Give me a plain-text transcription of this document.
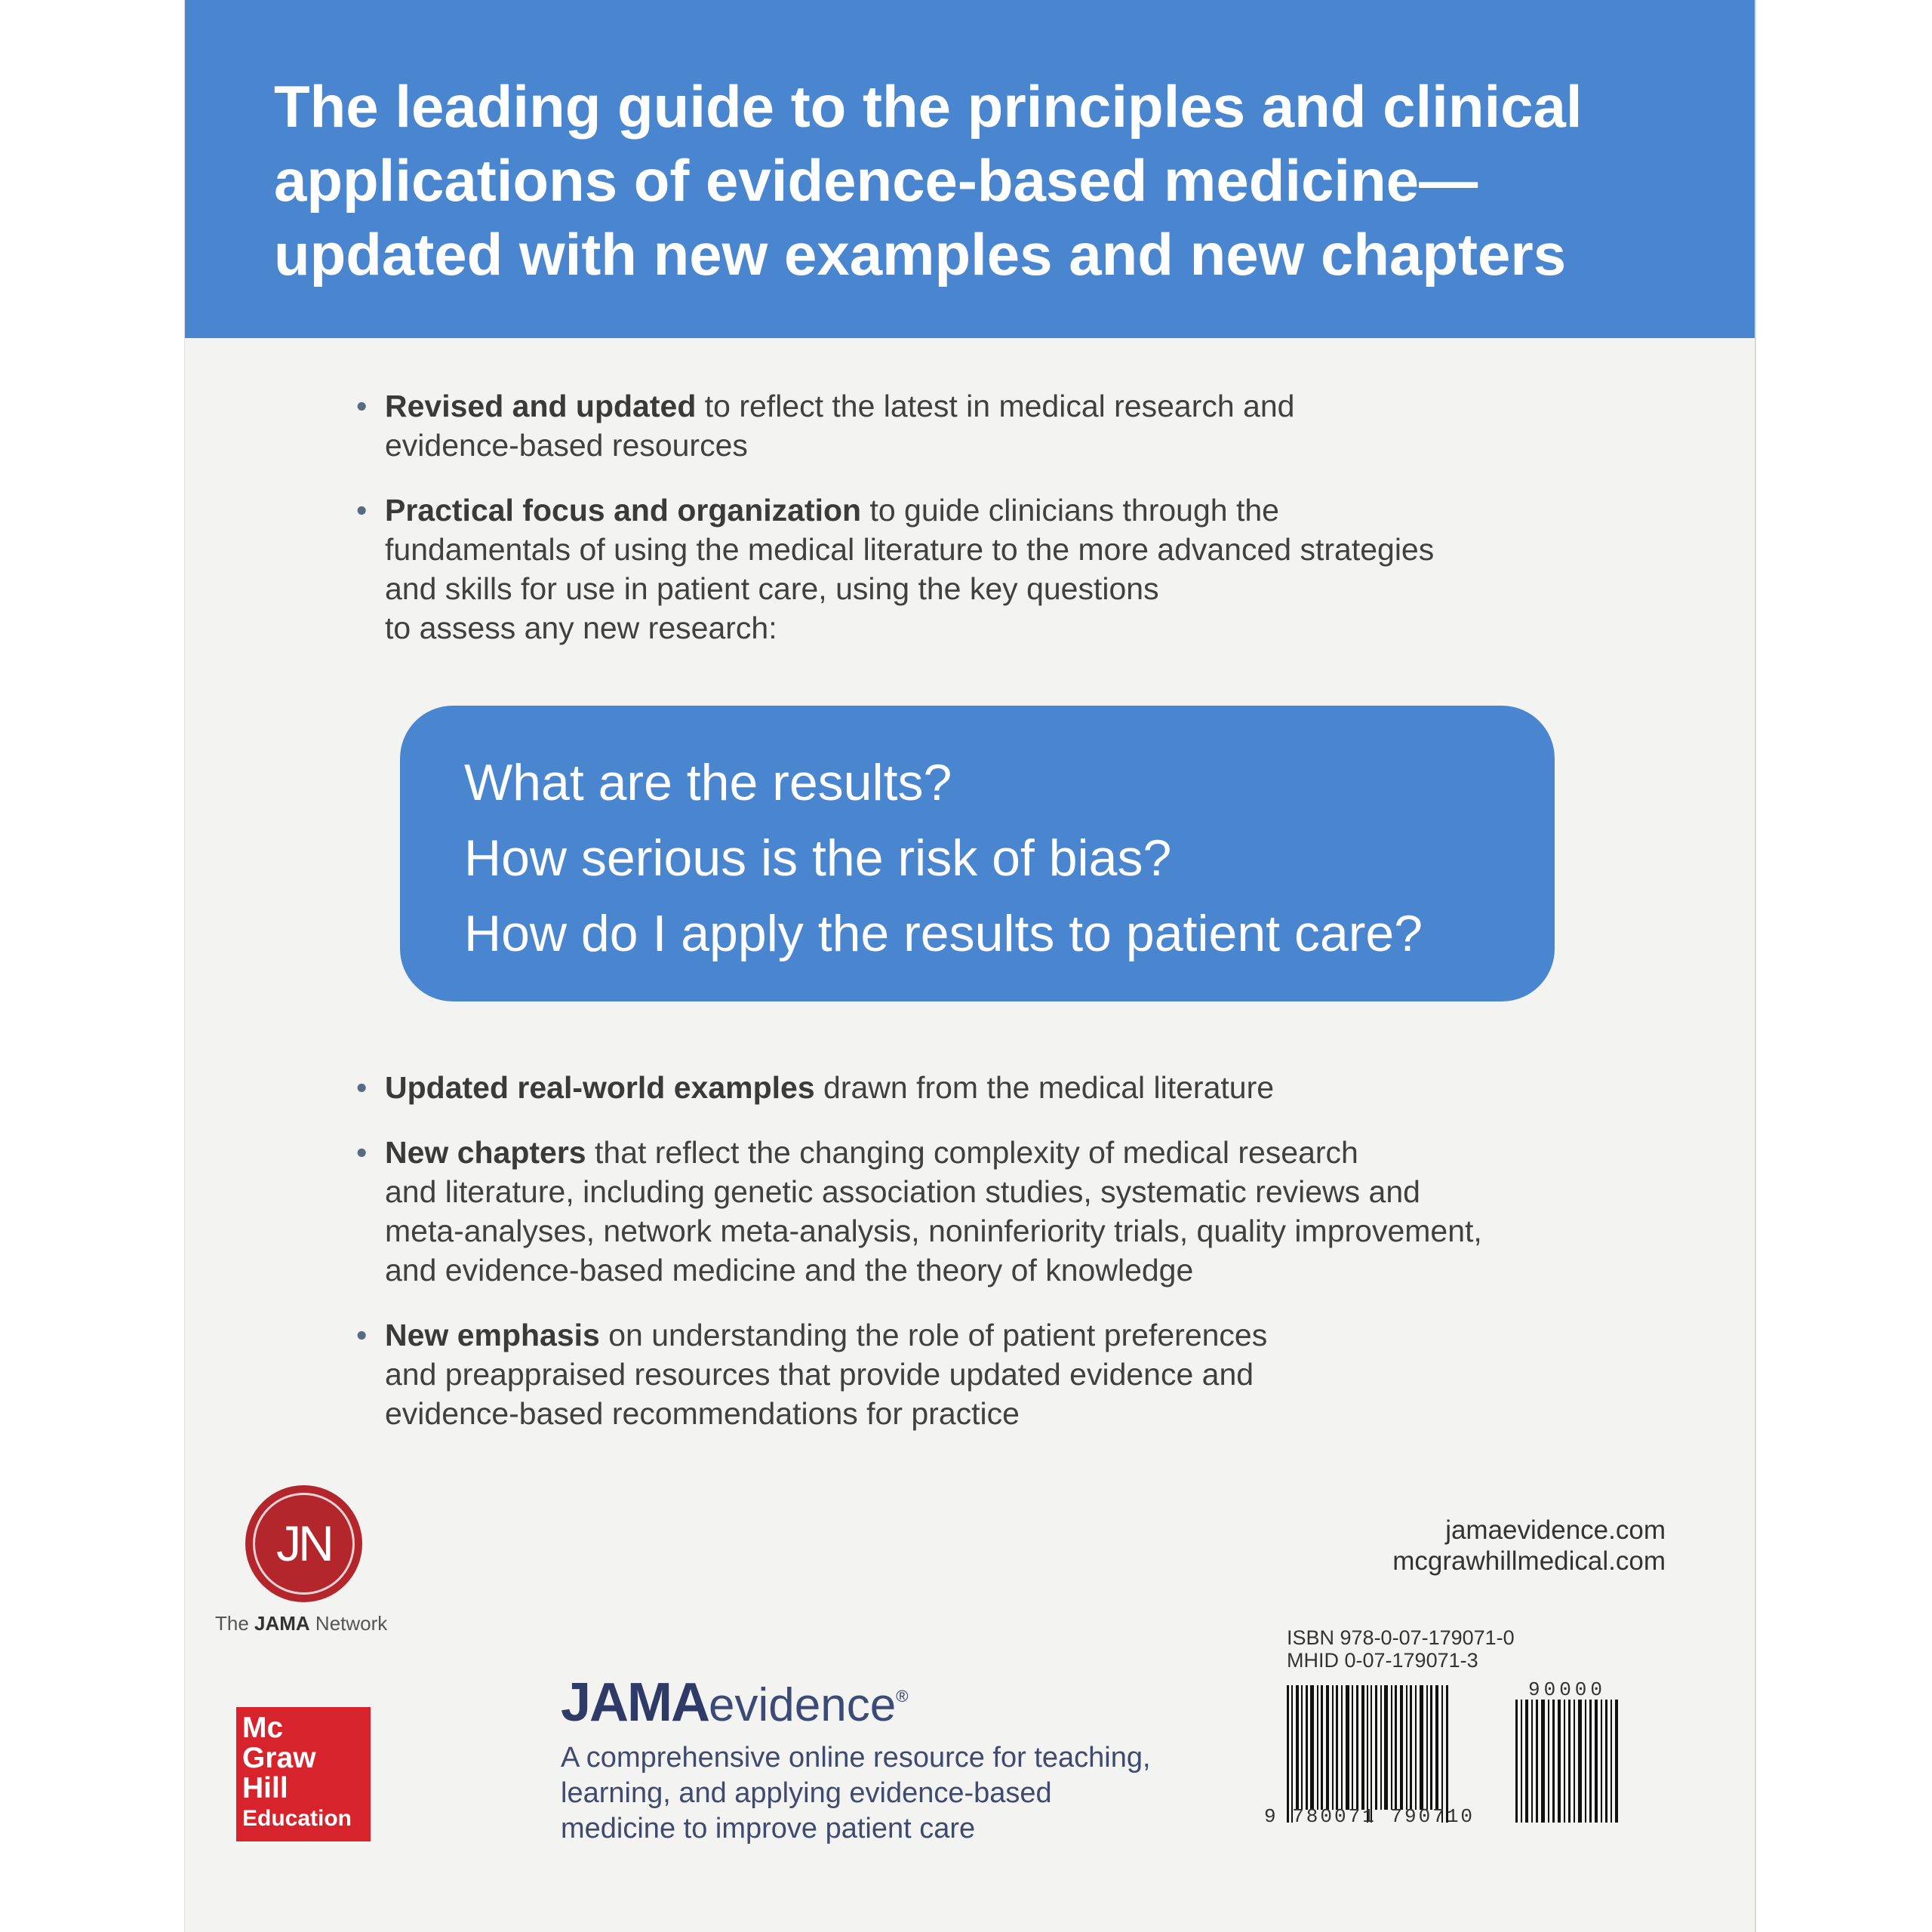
The leading guide to the principles and clinical
applications of evidence-based medicine—
updated with new examples and new chapters
• Revised and updated to reflect the latest in medical research and
evidence-based resources
• Practical focus and organization to guide clinicians through the
fundamentals of using the medical literature to the more advanced strategies
and skills for use in patient care, using the key questions
to assess any new research:
What are the results?
How serious is the risk of bias?
How do I apply the results to patient care?
• Updated real-world examples drawn from the medical literature
• New chapters that reflect the changing complexity of medical research
and literature, including genetic association studies, systematic reviews and
meta-analyses, network meta-analysis, noninferiority trials, quality improvement,
and evidence-based medicine and the theory of knowledge
• New emphasis on understanding the role of patient preferences
and preappraised resources that provide updated evidence and
evidence-based recommendations for practice
JN
The JAMA Network
Mc
Graw
Hill
Education
JAMAevidence®
A comprehensive online resource for teaching,
learning, and applying evidence-based
medicine to improve patient care
jamaevidence.com
mcgrawhillmedical.com
ISBN 978-0-07-179071-0
MHID 0-07-179071-3
9 780071 790710
90000
